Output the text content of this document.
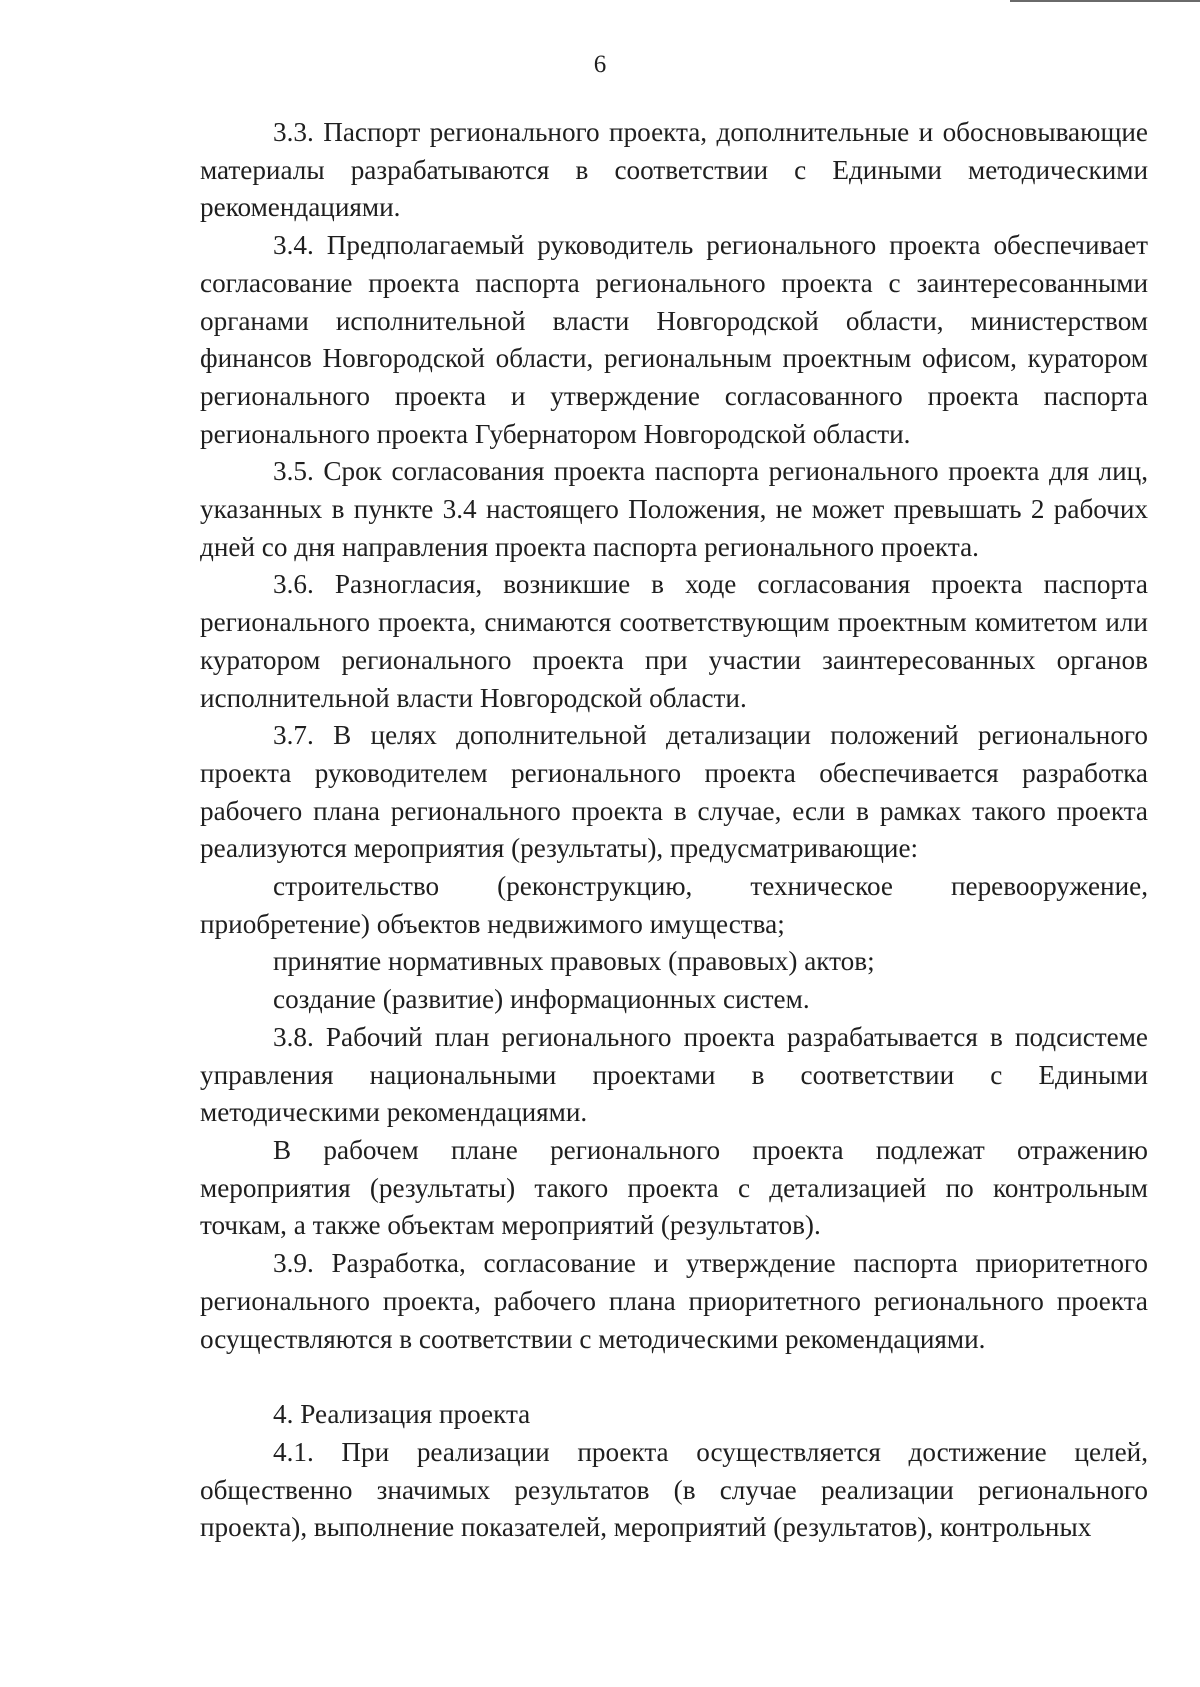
6

3.3. Паспорт регионального проекта, дополнительные и обосновывающие материалы разрабатываются в соответствии с Едиными методическими рекомендациями.

3.4. Предполагаемый руководитель регионального проекта обеспечивает согласование проекта паспорта регионального проекта с заинтересованными органами исполнительной власти Новгородской области, министерством финансов Новгородской области, региональным проектным офисом, куратором регионального проекта и утверждение согласованного проекта паспорта регионального проекта Губернатором Новгородской области.

3.5. Срок согласования проекта паспорта регионального проекта для лиц, указанных в пункте 3.4 настоящего Положения, не может превышать 2 рабочих дней со дня направления проекта паспорта регионального проекта.

3.6. Разногласия, возникшие в ходе согласования проекта паспорта регионального проекта, снимаются соответствующим проектным комитетом или куратором регионального проекта при участии заинтересованных органов исполнительной власти Новгородской области.

3.7. В целях дополнительной детализации положений регионального проекта руководителем регионального проекта обеспечивается разработка рабочего плана регионального проекта в случае, если в рамках такого проекта реализуются мероприятия (результаты), предусматривающие:

строительство (реконструкцию, техническое перевооружение, приобретение) объектов недвижимого имущества;

принятие нормативных правовых (правовых) актов;

создание (развитие) информационных систем.

3.8. Рабочий план регионального проекта разрабатывается в подсистеме управления национальными проектами в соответствии с Едиными методическими рекомендациями.

В рабочем плане регионального проекта подлежат отражению мероприятия (результаты) такого проекта с детализацией по контрольным точкам, а также объектам мероприятий (результатов).

3.9. Разработка, согласование и утверждение паспорта приоритетного регионального проекта, рабочего плана приоритетного регионального проекта осуществляются в соответствии с методическими рекомендациями.

4. Реализация проекта

4.1. При реализации проекта осуществляется достижение целей, общественно значимых результатов (в случае реализации регионального проекта), выполнение показателей, мероприятий (результатов), контрольных
